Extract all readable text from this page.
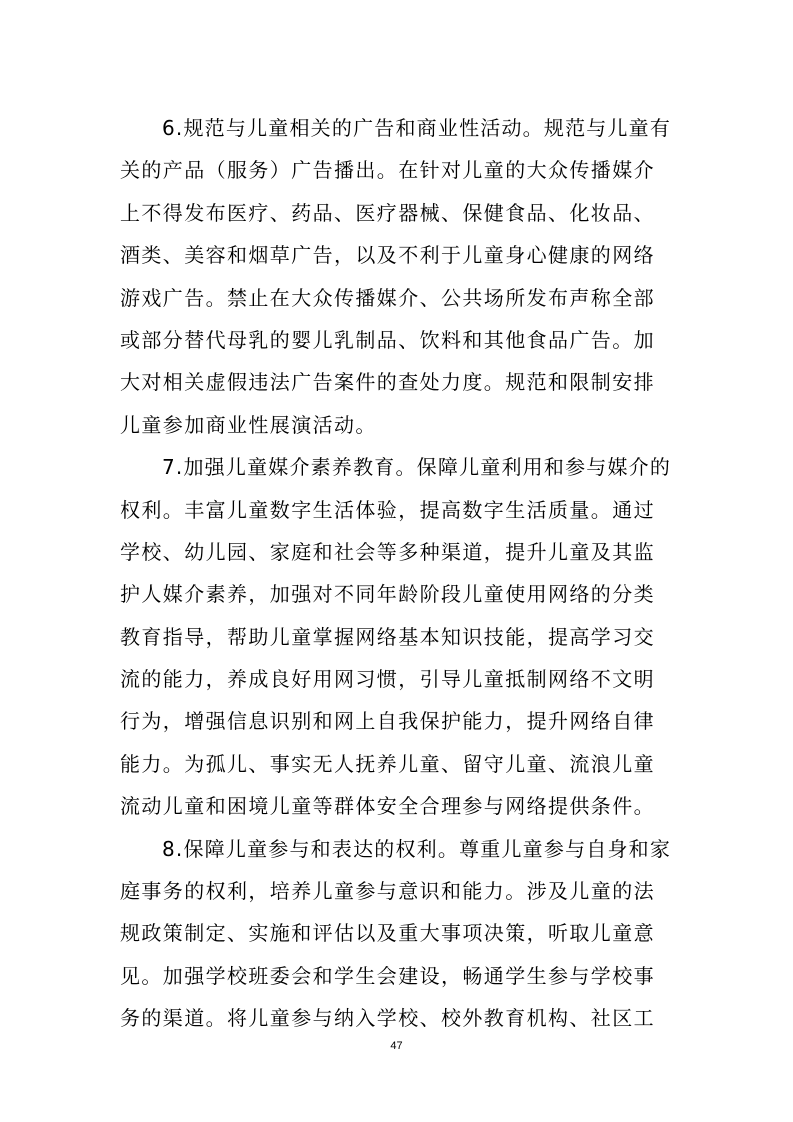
6.规范与儿童相关的广告和商业性活动。规范与儿童有
关的产品（服务）广告播出。在针对儿童的大众传播媒介
上不得发布医疗、药品、医疗器械、保健食品、化妆品、
酒类、美容和烟草广告，以及不利于儿童身心健康的网络
游戏广告。禁止在大众传播媒介、公共场所发布声称全部
或部分替代母乳的婴儿乳制品、饮料和其他食品广告。加
大对相关虚假违法广告案件的查处力度。规范和限制安排
儿童参加商业性展演活动。
7.加强儿童媒介素养教育。保障儿童利用和参与媒介的
权利。丰富儿童数字生活体验，提高数字生活质量。通过
学校、幼儿园、家庭和社会等多种渠道，提升儿童及其监
护人媒介素养，加强对不同年龄阶段儿童使用网络的分类
教育指导，帮助儿童掌握网络基本知识技能，提高学习交
流的能力，养成良好用网习惯，引导儿童抵制网络不文明
行为，增强信息识别和网上自我保护能力，提升网络自律
能力。为孤儿、事实无人抚养儿童、留守儿童、流浪儿童
流动儿童和困境儿童等群体安全合理参与网络提供条件。
8.保障儿童参与和表达的权利。尊重儿童参与自身和家
庭事务的权利，培养儿童参与意识和能力。涉及儿童的法
规政策制定、实施和评估以及重大事项决策，听取儿童意
见。加强学校班委会和学生会建设，畅通学生参与学校事
务的渠道。将儿童参与纳入学校、校外教育机构、社区工
47
